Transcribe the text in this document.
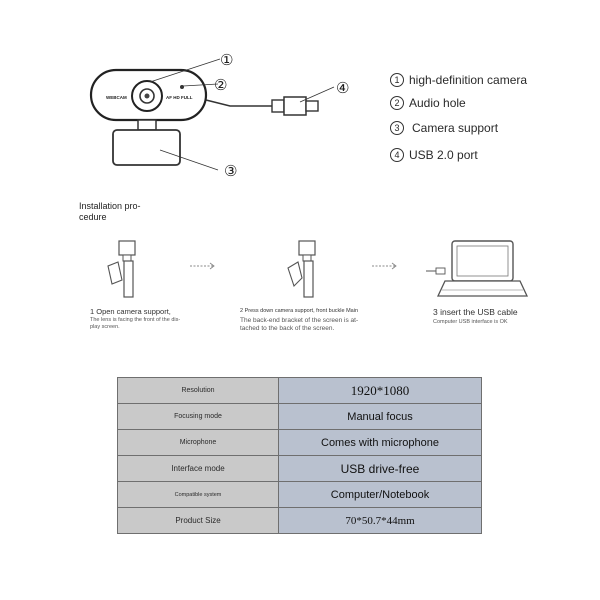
WEBCAM	AF HD FULL
①
②
③
④	1 high-definition camera
2 Audio hole
3	Camera support
4 USB 2.0 port
Installation pro-
cedure
1 Open camera support,
The lens is facing the front of the dis-
play screen.
2 Press down camera support, front buckle Main
The back-end bracket of the screen is at-
tached to the back of the screen.
3 insert the USB cable
Computer USB interface is OK
Resolution	1920*1080
Focusing mode	Manual focus
Microphone	Comes with microphone
Interface mode	USB drive-free
Compatible system	Computer/Notebook
Product Size	70*50.7*44mm
